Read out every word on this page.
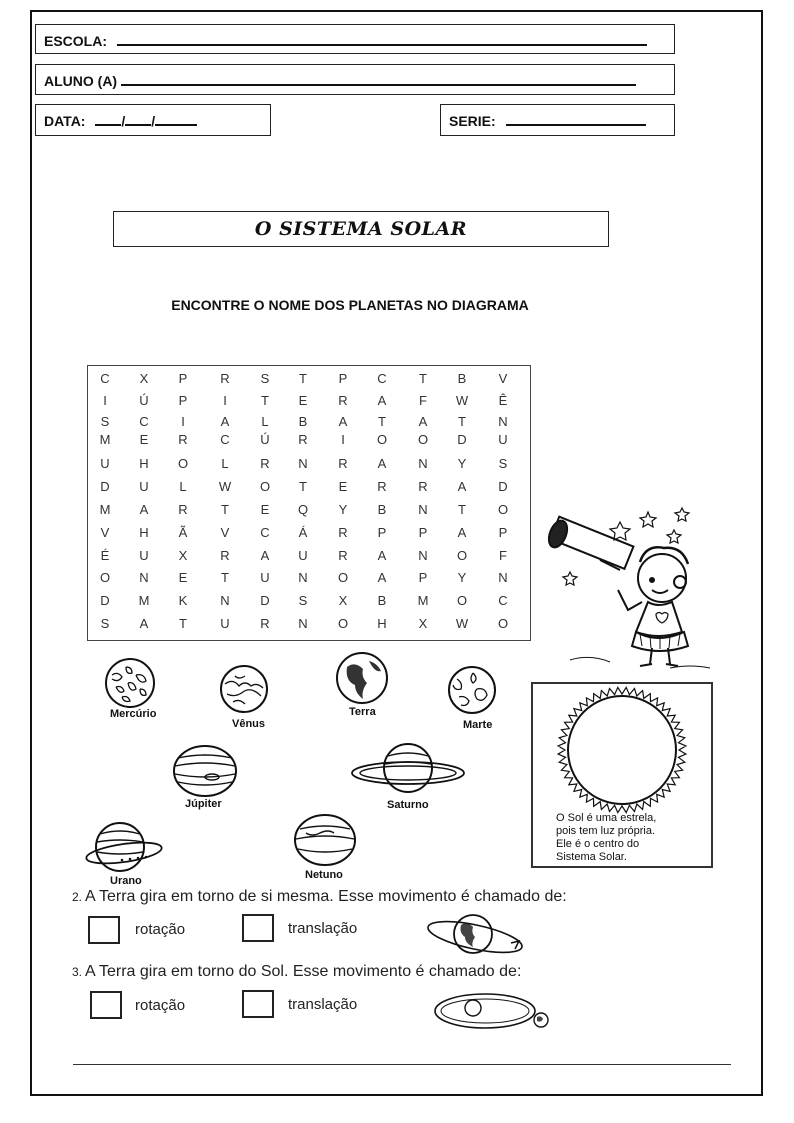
ESCOLA:
ALUNO (A)
DATA:	/ /	SERIE:
O SISTEMA SOLAR
ENCONTRE O NOME DOS PLANETAS NO DIAGRAMA
C	X	P	R	S	T	P	C	T	B	V
I	Ú	P	I	T	E	R	A	F	W	Ê
S	C	I	A	L	B	A	T	A	T	N
M	E	R	C	Ú	R	I	O	O	D	U
U	H	O	L	R	N	R	A	N	Y	S
D	U	L	W	O	T	E	R	R	A	D
M	A	R	T	E	Q	Y	B	N	T	O
V	H	Ã	V	C	Á	R	P	P	A	P
É	U	X	R	A	U	R	A	N	O	F
O	N	E	T	U	N	O	A	P	Y	N
D	M	K	N	D	S	X	B	M	O	C
S	A	T	U	R	N	O	H	X	W	O
Mercúrio
Vênus
Terra
Marte
Júpiter	Saturno
Urano	Netuno
O Sol é uma estrela,
pois tem luz própria.
Ele é o centro do
Sistema Solar.
2. A Terra gira em torno de si mesma. Esse movimento é chamado de:
rotação	translação
3. A Terra gira em torno do Sol. Esse movimento é chamado de:
rotação	translação
